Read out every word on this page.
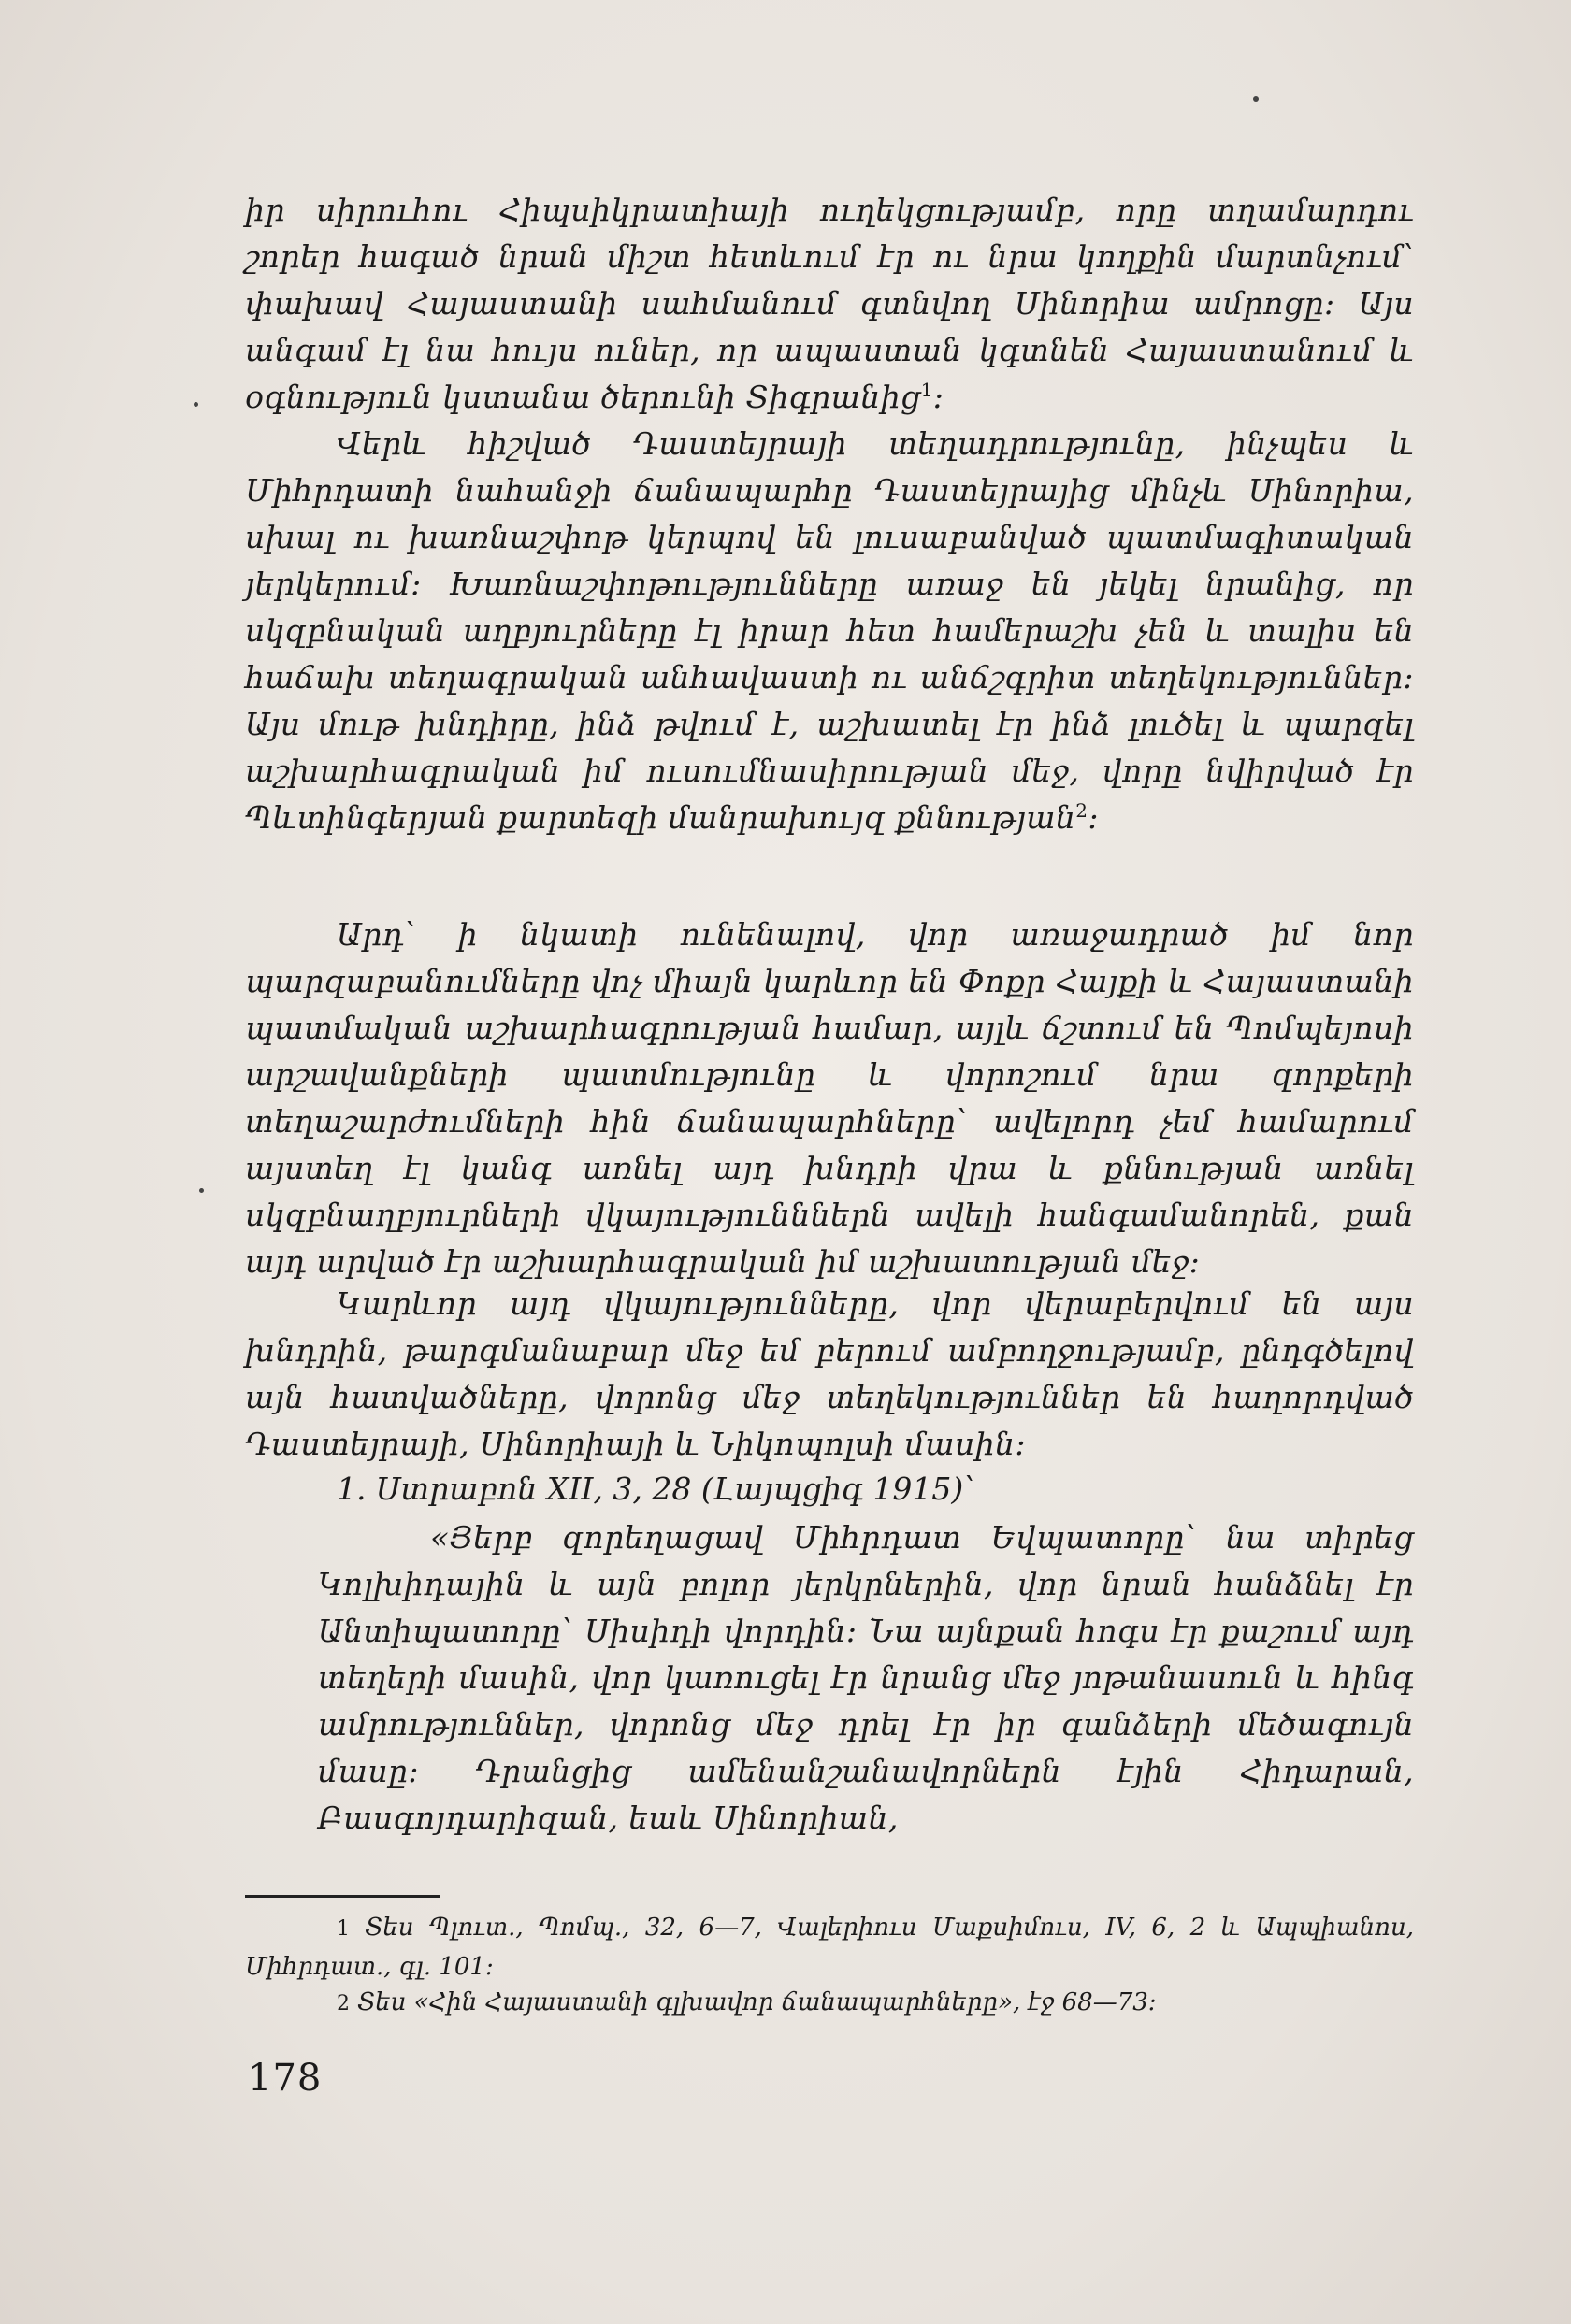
իր սիրուհու Հիպսիկրատիայի ուղեկցությամբ, որը տղամարդու շորեր հագած նրան միշտ հետևում էր ու նրա կողքին մարտնչում՝ փախավ Հայաստանի սահմանում գտնվող Սինորիա ամրոցը։ Այս անգամ էլ նա հույս ուներ, որ ապաստան կգտնեն Հայաստանում և օգնություն կստանա ծերունի Տիգրանից$^1$։

Վերև հիշված Դաստեյրայի տեղադրությունը, ինչպես և Միհրդատի նահանջի ճանապարհը Դաստեյրայից մինչև Սինորիա, սխալ ու խառնաշփոթ կերպով են լուսաբանված պատմագիտական յերկերում։ Խառնաշփոթությունները առաջ են յեկել նրանից, որ սկզբնական աղբյուրները էլ իրար հետ համերաշխ չեն և տալիս են հաճախ տեղագրական անհավաստի ու անճշգրիտ տեղեկություններ։ Այս մութ խնդիրը, ինձ թվում է, աշխատել էր ինձ լուծել և պարզել աշխարհագրական իմ ուսումնասիրության մեջ, վորը նվիրված էր Պևտինգերյան քարտեզի մանրախույզ քննության$^2$։

Արդ՝ ի նկատի ունենալով, վոր առաջադրած իմ նոր պարզաբանումները վոչ միայն կարևոր են Փոքր Հայքի և Հայաստանի պատմական աշխարհագրության համար, այլև ճշտում են Պոմպեյոսի արշավանքների պատմությունը և վորոշում նրա զորքերի տեղաշարժումների հին ճանապարհները՝ ավելորդ չեմ համարում այստեղ էլ կանգ առնել այդ խնդրի վրա և քննության առնել սկզբնաղբյուրների վկայությունններն ավելի հանգամանորեն, քան այդ արված էր աշխարհագրական իմ աշխատության մեջ։

Կարևոր այդ վկայությունները, վոր վերաբերվում են այս խնդրին, թարգմանաբար մեջ եմ բերում ամբողջությամբ, ընդգծելով այն հատվածները, վորոնց մեջ տեղեկություններ են հաղորդված Դաստեյրայի, Սինորիայի և Նիկոպոլսի մասին։

1. Ստրաբոն XII, 3, 28 (Լայպցիգ 1915)՝

«Յերբ զորեղացավ Միհրդատ Եվպատորը՝ նա տիրեց Կոլխիդային և այն բոլոր յերկրներին, վոր նրան հանձնել էր Անտիպատորը՝ Սիսիդի վորդին։ Նա այնքան հոգս էր քաշում այդ տեղերի մասին, վոր կառուցել էր նրանց մեջ յոթանասուն և հինգ ամրություններ, վորոնց մեջ դրել էր իր գանձերի մեծագույն մասը։ Դրանցից ամենանշանավորներն էյին Հիդարան, Բասգոյդարիզան, եաև Սինորիան,

1 Տես Պլուտ., Պոմպ., 32, 6—7, Վալերիուս Մաքսիմուս, IV, 6, 2 և Ապպիանոս, Միհրդատ., գլ. 101։

2 Տես «Հին Հայաստանի գլխավոր ճանապարհները», էջ 68—73։

178
